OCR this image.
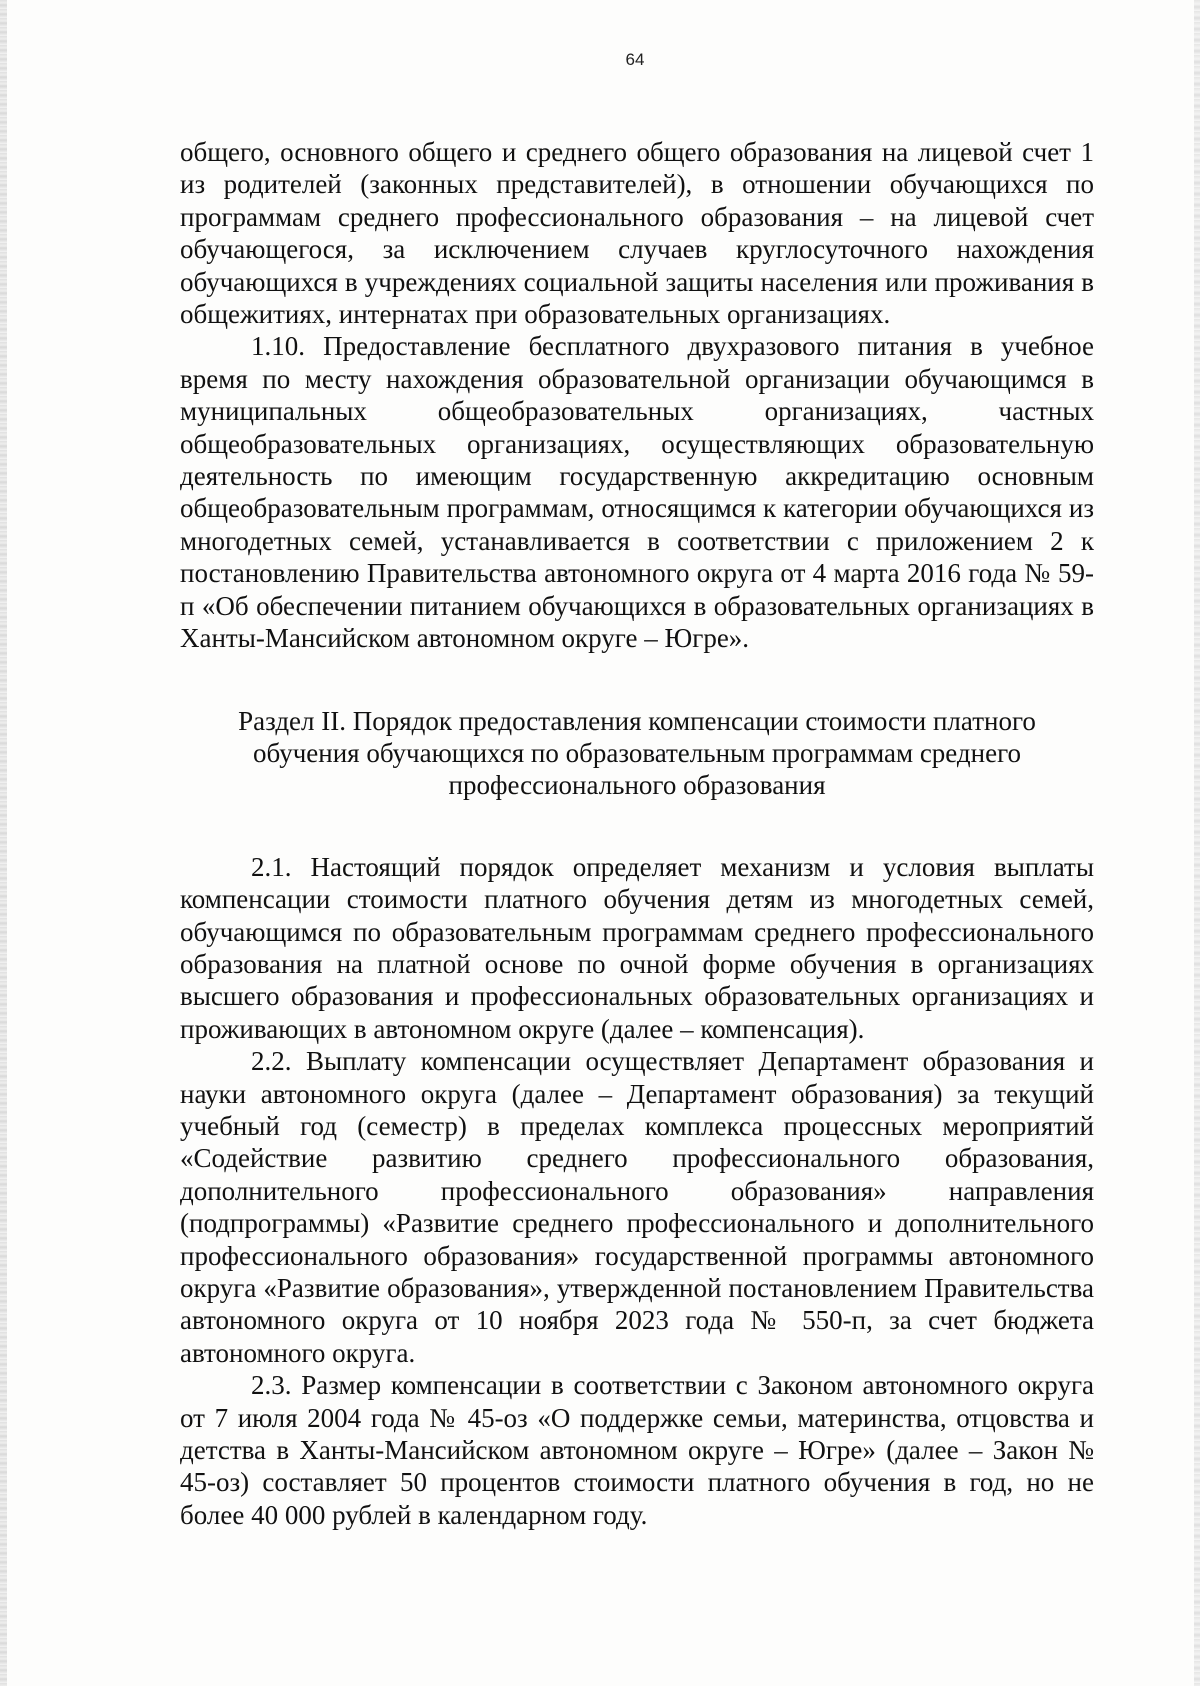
64

общего, основного общего и среднего общего образования на лицевой счет 1 из родителей (законных представителей), в отношении обучающихся по программам среднего профессионального образования – на лицевой счет обучающегося, за исключением случаев круглосуточного нахождения обучающихся в учреждениях социальной защиты населения или проживания в общежитиях, интернатах при образовательных организациях.

1.10. Предоставление бесплатного двухразового питания в учебное время по месту нахождения образовательной организации обучающимся в муниципальных общеобразовательных организациях, частных общеобразовательных организациях, осуществляющих образовательную деятельность по имеющим государственную аккредитацию основным общеобразовательным программам, относящимся к категории обучающихся из многодетных семей, устанавливается в соответствии с приложением 2 к постановлению Правительства автономного округа от 4 марта 2016 года № 59-п «Об обеспечении питанием обучающихся в образовательных организациях в Ханты-Мансийском автономном округе – Югре».

Раздел II. Порядок предоставления компенсации стоимости платного
обучения обучающихся по образовательным программам среднего
профессионального образования

2.1. Настоящий порядок определяет механизм и условия выплаты компенсации стоимости платного обучения детям из многодетных семей, обучающимся по образовательным программам среднего профессионального образования на платной основе по очной форме обучения в организациях высшего образования и профессиональных образовательных организациях и проживающих в автономном округе (далее – компенсация).

2.2. Выплату компенсации осуществляет Департамент образования и науки автономного округа (далее – Департамент образования) за текущий учебный год (семестр) в пределах комплекса процессных мероприятий «Содействие развитию среднего профессионального образования, дополнительного профессионального образования» направления (подпрограммы) «Развитие среднего профессионального и дополнительного профессионального образования» государственной программы автономного округа «Развитие образования», утвержденной постановлением Правительства автономного округа от 10 ноября 2023 года № 550-п, за счет бюджета автономного округа.

2.3. Размер компенсации в соответствии с Законом автономного округа от 7 июля 2004 года № 45-оз «О поддержке семьи, материнства, отцовства и детства в Ханты-Мансийском автономном округе – Югре» (далее – Закон № 45-оз) составляет 50 процентов стоимости платного обучения в год, но не более 40 000 рублей в календарном году.
